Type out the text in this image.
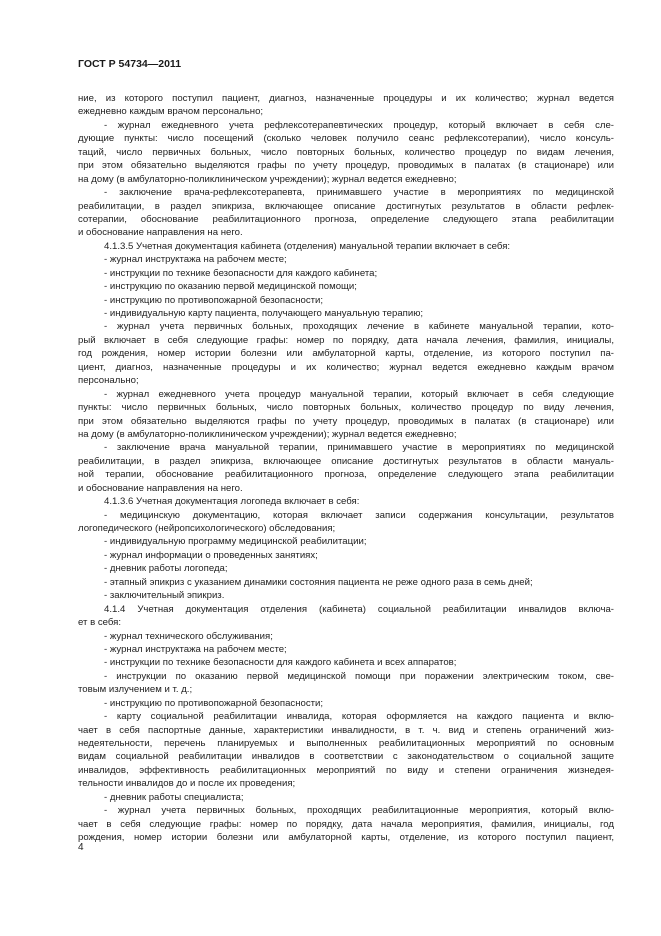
ГОСТ Р 54734—2011
ние, из которого поступил пациент, диагноз, назначенные процедуры и их количество; журнал ведется
ежедневно каждым врачом персонально;
- журнал ежедневного учета рефлексотерапевтических процедур, который включает в себя сле-
дующие пункты: число посещений (сколько человек получило сеанс рефлексотерапии), число консуль-
таций, число первичных больных, число повторных больных, количество процедур по видам лечения,
при этом обязательно выделяются графы по учету процедур, проводимых в палатах (в стационаре) или
на дому (в амбулаторно-поликлиническом учреждении); журнал ведется ежедневно;
- заключение врача-рефлексотерапевта, принимавшего участие в мероприятиях по медицинской
реабилитации, в раздел эпикриза, включающее описание достигнутых результатов в области рефлек-
сотерапии, обоснование реабилитационного прогноза, определение следующего этапа реабилитации
и обоснование направления на него.
4.1.3.5 Учетная документация кабинета (отделения) мануальной терапии включает в себя:
- журнал инструктажа на рабочем месте;
- инструкции по технике безопасности для каждого кабинета;
- инструкцию по оказанию первой медицинской помощи;
- инструкцию по противопожарной безопасности;
- индивидуальную карту пациента, получающего мануальную терапию;
- журнал учета первичных больных, проходящих лечение в кабинете мануальной терапии, кото-
рый включает в себя следующие графы: номер по порядку, дата начала лечения, фамилия, инициалы,
год рождения, номер истории болезни или амбулаторной карты, отделение, из которого поступил па-
циент, диагноз, назначенные процедуры и их количество; журнал ведется ежедневно каждым врачом
персонально;
- журнал ежедневного учета процедур мануальной терапии, который включает в себя следующие
пункты: число первичных больных, число повторных больных, количество процедур по виду лечения,
при этом обязательно выделяются графы по учету процедур, проводимых в палатах (в стационаре) или
на дому (в амбулаторно-поликлиническом учреждении); журнал ведется ежедневно;
- заключение врача мануальной терапии, принимавшего участие в мероприятиях по медицинской
реабилитации, в раздел эпикриза, включающее описание достигнутых результатов в области мануаль-
ной терапии, обоснование реабилитационного прогноза, определение следующего этапа реабилитации
и обоснование направления на него.
4.1.3.6 Учетная документация логопеда включает в себя:
- медицинскую документацию, которая включает записи содержания консультации, результатов
логопедического (нейропсихологического) обследования;
- индивидуальную программу медицинской реабилитации;
- журнал информации о проведенных занятиях;
- дневник работы логопеда;
- этапный эпикриз с указанием динамики состояния пациента не реже одного раза в семь дней;
- заключительный эпикриз.
4.1.4 Учетная документация отделения (кабинета) социальной реабилитации инвалидов включа-
ет в себя:
- журнал технического обслуживания;
- журнал инструктажа на рабочем месте;
- инструкции по технике безопасности для каждого кабинета и всех аппаратов;
- инструкции по оказанию первой медицинской помощи при поражении электрическим током, све-
товым излучением и т. д.;
- инструкцию по противопожарной безопасности;
- карту социальной реабилитации инвалида, которая оформляется на каждого пациента и вклю-
чает в себя паспортные данные, характеристики инвалидности, в т. ч. вид и степень ограничений жиз-
недеятельности, перечень планируемых и выполненных реабилитационных мероприятий по основным
видам социальной реабилитации инвалидов в соответствии с законодательством о социальной защите
инвалидов, эффективность реабилитационных мероприятий по виду и степени ограничения жизнедея-
тельности инвалидов до и после их проведения;
- дневник работы специалиста;
- журнал учета первичных больных, проходящих реабилитационные мероприятия, который вклю-
чает в себя следующие графы: номер по порядку, дата начала мероприятия, фамилия, инициалы, год
рождения, номер истории болезни или амбулаторной карты, отделение, из которого поступил пациент,
4
